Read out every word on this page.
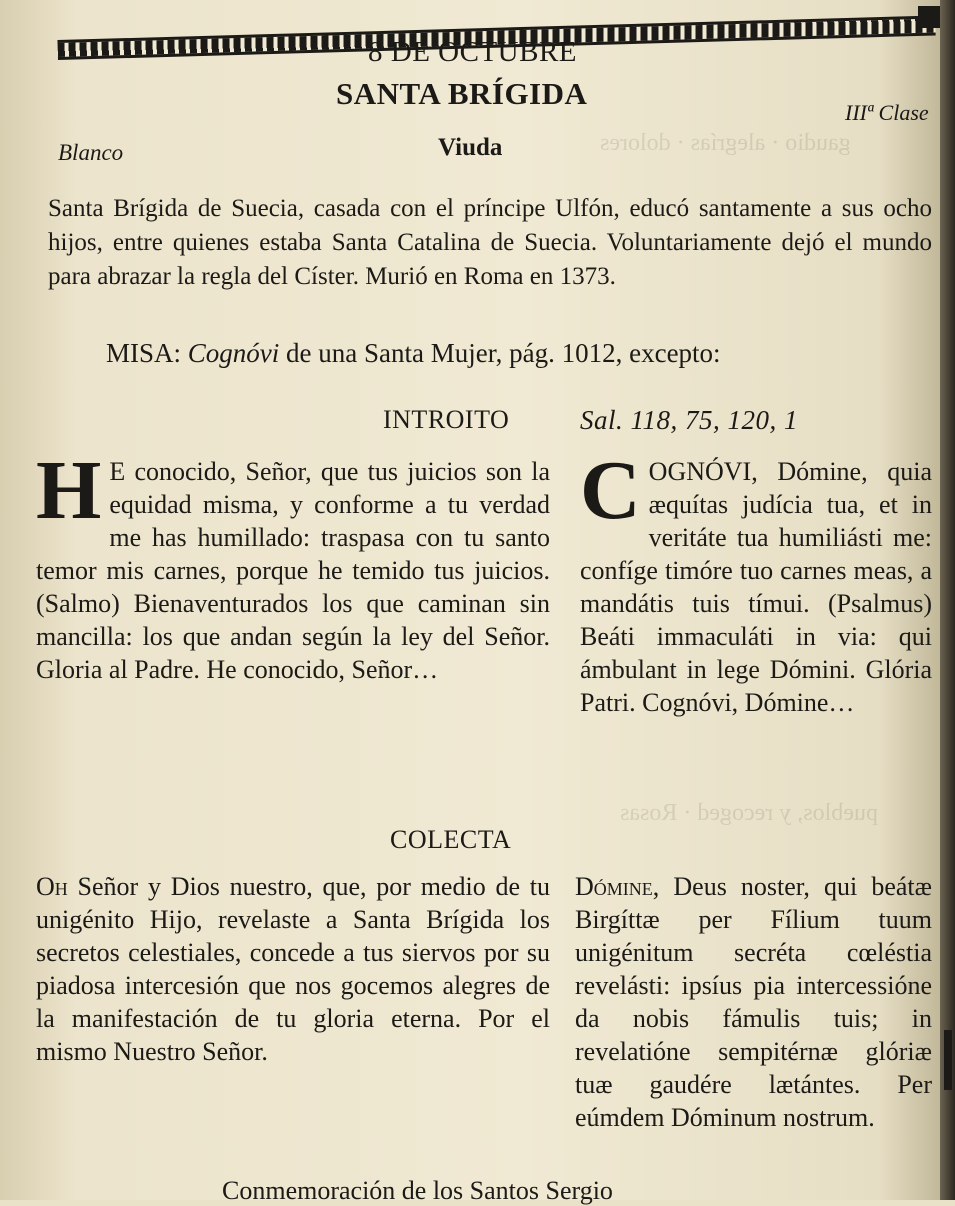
gaudio · alegrías · dolores
pueblos, y recoged · Rosas
8 DE OCTUBRE
SANTA BRÍGIDA
IIIª Clase
Blanco	Viuda
Santa Brígida de Suecia, casada con el príncipe Ulfón, educó santamente a sus ocho hijos, entre quienes estaba Santa Catalina de Suecia. Voluntariamente dejó el mundo para abrazar la regla del Císter. Murió en Roma en 1373.
MISA: Cognóvi de una Santa Mujer, pág. 1012, excepto:
INTROITO	Sal. 118, 75, 120, 1
H E conocido, Señor, que tus juicios son la equidad misma, y conforme a tu verdad me has humillado: traspasa con tu santo temor mis carnes, porque he temido tus juicios. (Salmo) Bienaventurados los que caminan sin mancilla: los que andan según la ley del Señor. Gloria al Padre. He conocido, Señor…
COGNÓVI, Dómine, quia æquítas judícia tua, et in veritáte tua humiliásti me: confíge timóre tuo carnes meas, a mandátis tuis tímui. (Psalmus) Beáti immaculáti in via: qui ámbulant in lege Dómini. Glória Patri. Cognóvi, Dómine…
COLECTA
Oh Señor y Dios nuestro, que, por medio de tu unigénito Hijo, revelaste a Santa Brígida los secretos celestiales, concede a tus siervos por su piadosa intercesión que nos gocemos alegres de la manifestación de tu gloria eterna. Por el mismo Nuestro Señor.
Dómine, Deus noster, qui beátæ Birgíttæ per Fílium tuum unigénitum secréta cœléstia revelásti: ipsíus pia intercessióne da nobis fámulis tuis; in revelatióne sempitérnæ glóriæ tuæ gaudére lætántes. Per eúmdem Dóminum nostrum.
Conmemoración de los Santos Sergio
